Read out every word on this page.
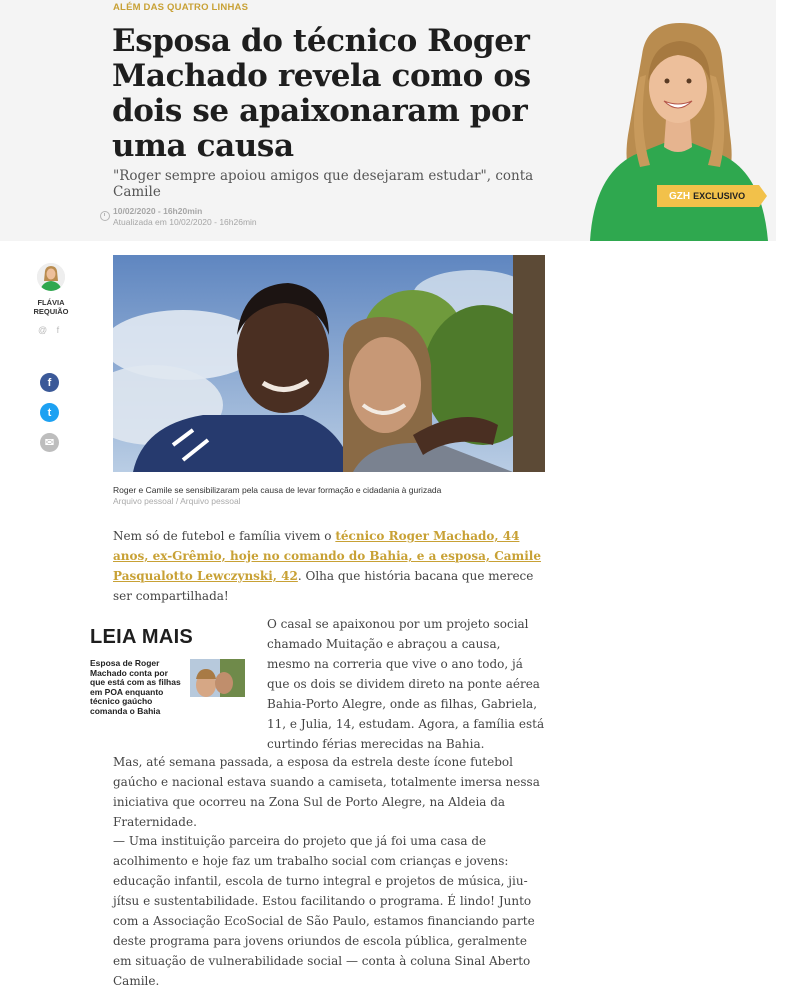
ALÉM DAS QUATRO LINHAS
Esposa do técnico Roger Machado revela como os dois se apaixonaram por uma causa
"Roger sempre apoiou amigos que desejaram estudar", conta Camile
10/02/2020 - 16h20min
Atualizada em 10/02/2020 - 16h26min
GZH EXCLUSIVO
FLÁVIA REQUIÃO
@ f
f
t
✉
Roger e Camile se sensibilizaram pela causa de levar formação e cidadania à gurizada
Arquivo pessoal / Arquivo pessoal

Nem só de futebol e família vivem o técnico Roger Machado, 44 anos, ex-Grêmio, hoje no comando do Bahia, e a esposa, Camile Pasqualotto Lewczynski, 42. Olha que história bacana que merece ser compartilhada!

LEIA MAIS
Esposa de Roger Machado conta por que está com as filhas em POA enquanto técnico gaúcho comanda o Bahia

O casal se apaixonou por um projeto social chamado Muitação e abraçou a causa, mesmo na correria que vive o ano todo, já que os dois se dividem direto na ponte aérea Bahia-Porto Alegre, onde as filhas, Gabriela, 11, e Julia, 14, estudam. Agora, a família está curtindo férias merecidas na Bahia.

Mas, até semana passada, a esposa da estrela deste ícone futebol gaúcho e nacional estava suando a camiseta, totalmente imersa nessa iniciativa que ocorreu na Zona Sul de Porto Alegre, na Aldeia da Fraternidade.

— Uma instituição parceira do projeto que já foi uma casa de acolhimento e hoje faz um trabalho social com crianças e jovens: educação infantil, escola de turno integral e projetos de música, jiu-jítsu e sustentabilidade. Estou facilitando o programa. É lindo! Junto com a Associação EcoSocial de São Paulo, estamos financiando parte deste programa para jovens oriundos de escola pública, geralmente em situação de vulnerabilidade social — conta à coluna Sinal Aberto Camile.
